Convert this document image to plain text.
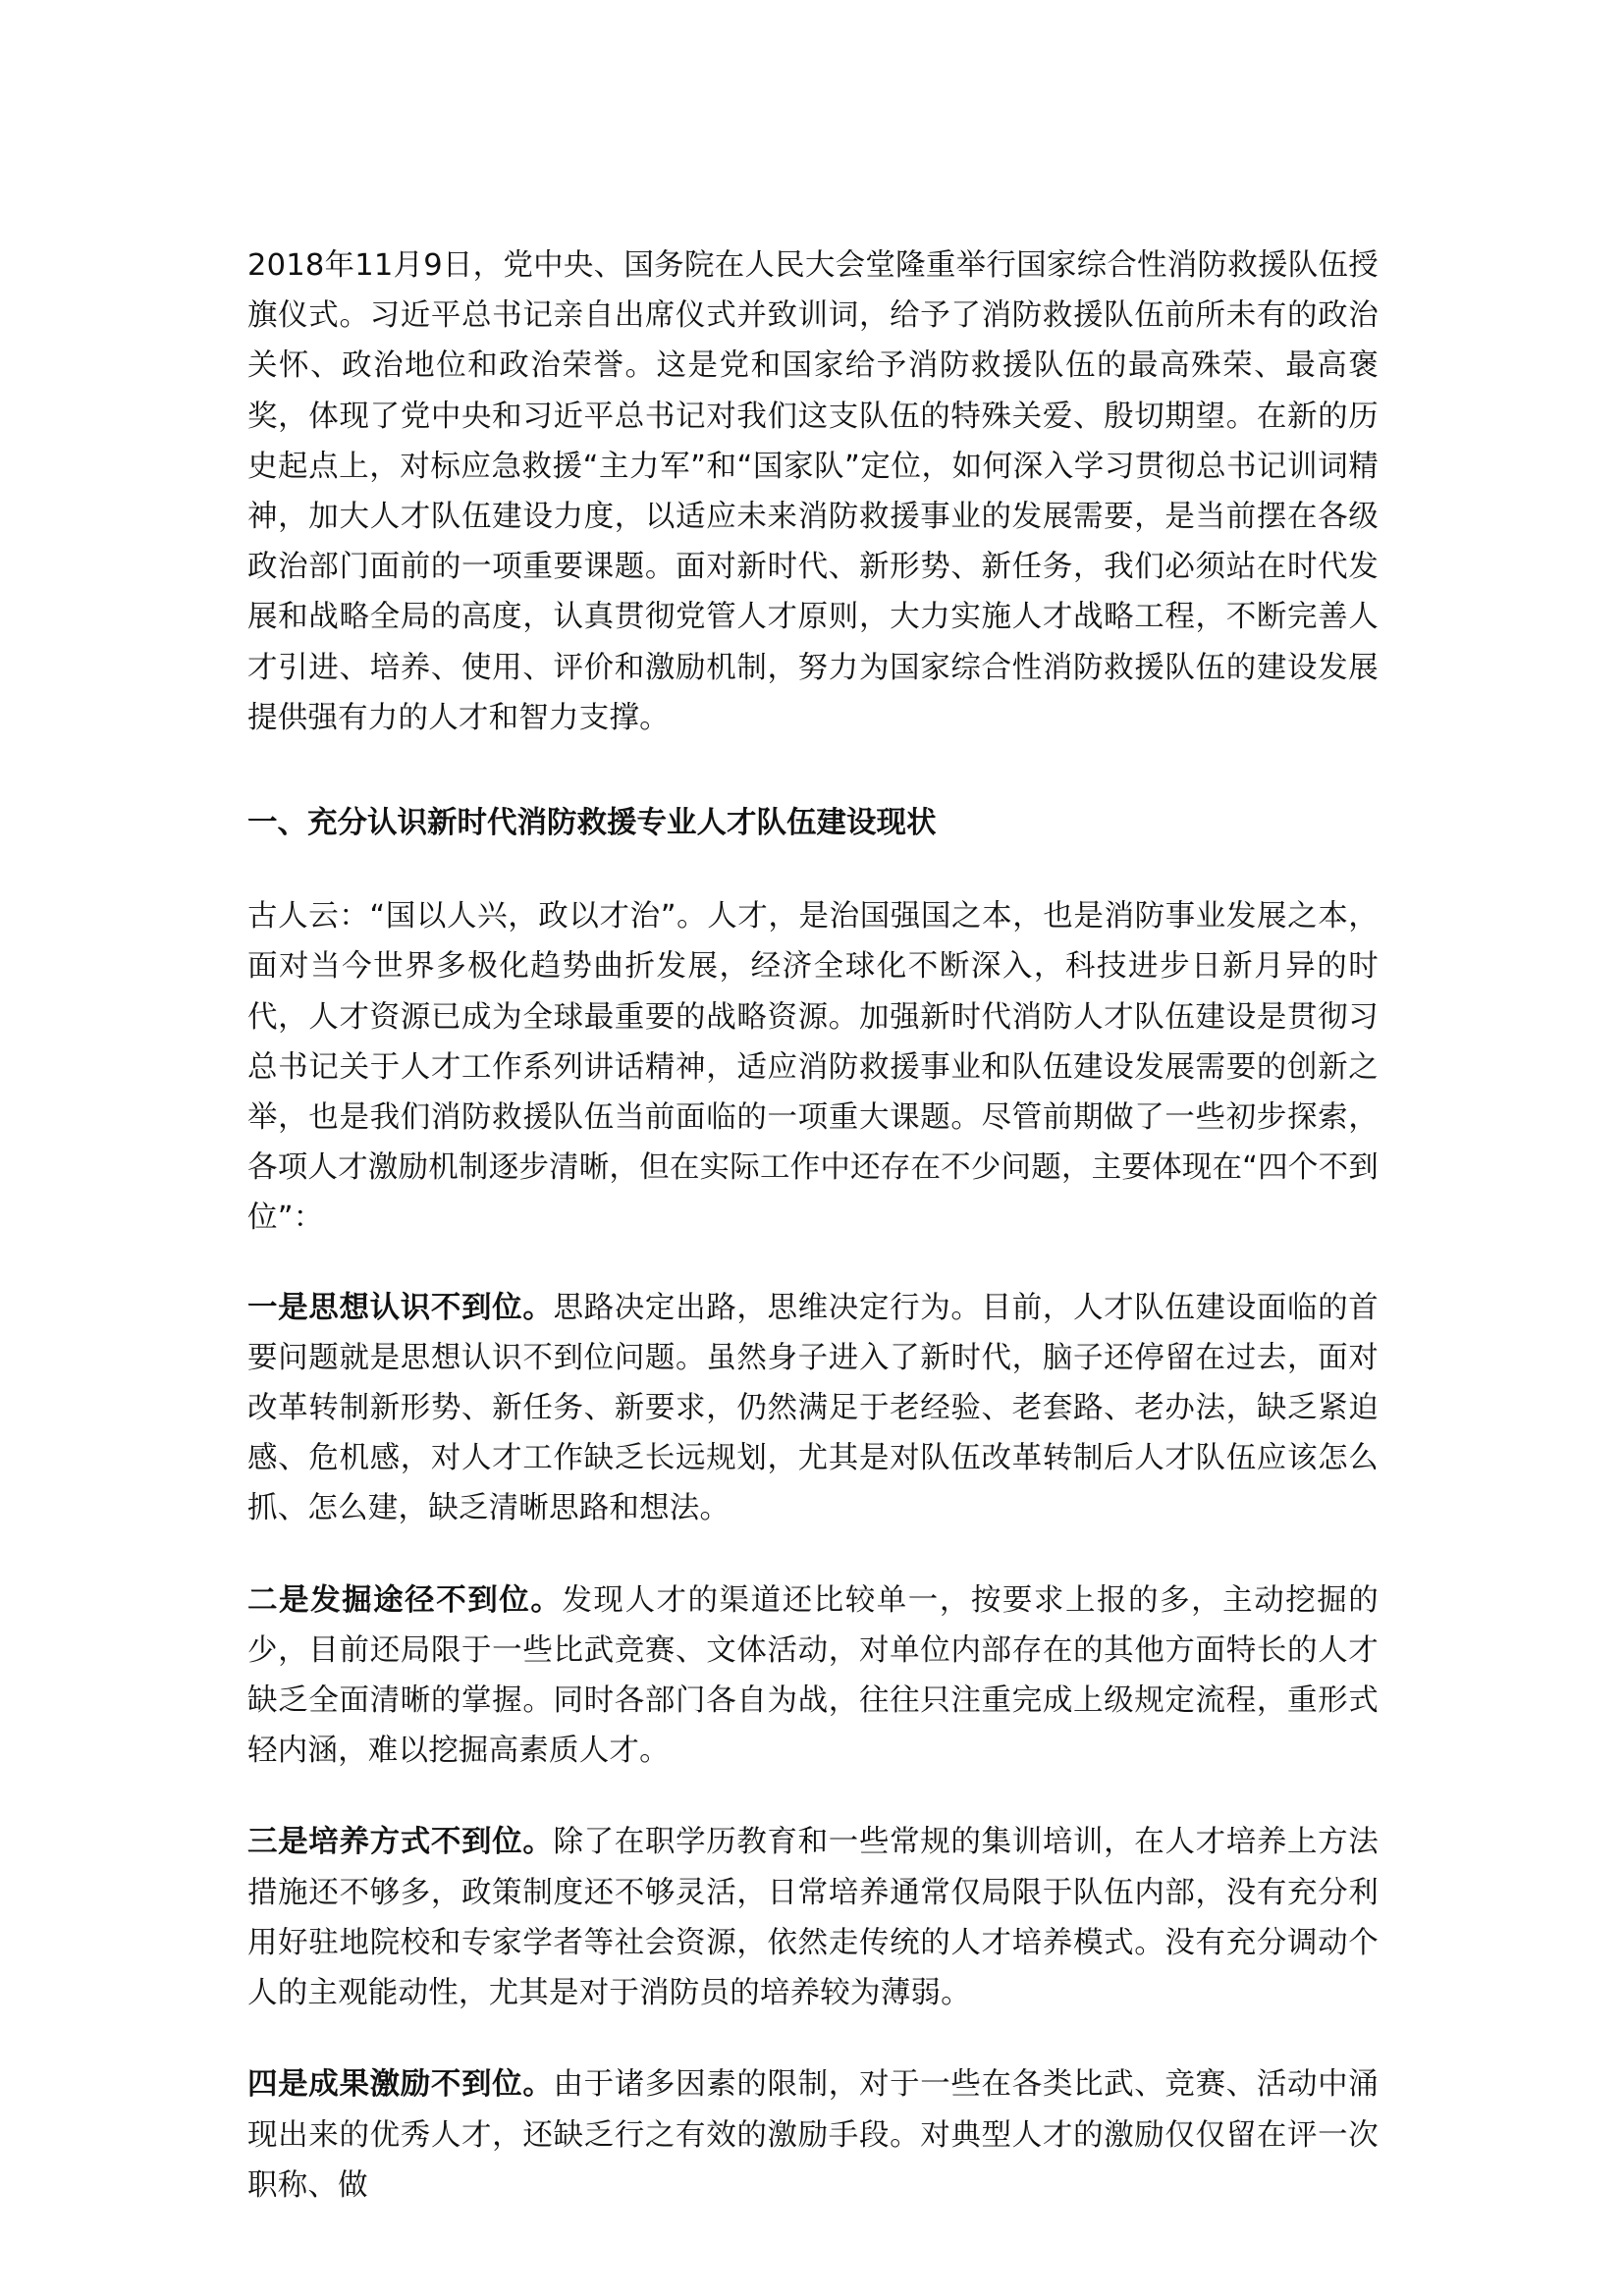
2018年11月9日，党中央、国务院在人民大会堂隆重举行国家综合性消防救援队伍授旗仪式。习近平总书记亲自出席仪式并致训词，给予了消防救援队伍前所未有的政治关怀、政治地位和政治荣誉。这是党和国家给予消防救援队伍的最高殊荣、最高褒奖，体现了党中央和习近平总书记对我们这支队伍的特殊关爱、殷切期望。在新的历史起点上，对标应急救援“主力军”和“国家队”定位，如何深入学习贯彻总书记训词精神，加大人才队伍建设力度，以适应未来消防救援事业的发展需要，是当前摆在各级政治部门面前的一项重要课题。面对新时代、新形势、新任务，我们必须站在时代发展和战略全局的高度，认真贯彻党管人才原则，大力实施人才战略工程，不断完善人才引进、培养、使用、评价和激励机制，努力为国家综合性消防救援队伍的建设发展提供强有力的人才和智力支撑。

一、充分认识新时代消防救援专业人才队伍建设现状

古人云：“国以人兴，政以才治”。人才，是治国强国之本，也是消防事业发展之本，面对当今世界多极化趋势曲折发展，经济全球化不断深入，科技进步日新月异的时代，人才资源已成为全球最重要的战略资源。加强新时代消防人才队伍建设是贯彻习总书记关于人才工作系列讲话精神，适应消防救援事业和队伍建设发展需要的创新之举，也是我们消防救援队伍当前面临的一项重大课题。尽管前期做了一些初步探索，各项人才激励机制逐步清晰，但在实际工作中还存在不少问题，主要体现在“四个不到位”：

一是思想认识不到位。思路决定出路，思维决定行为。目前，人才队伍建设面临的首要问题就是思想认识不到位问题。虽然身子进入了新时代，脑子还停留在过去，面对改革转制新形势、新任务、新要求，仍然满足于老经验、老套路、老办法，缺乏紧迫感、危机感，对人才工作缺乏长远规划，尤其是对队伍改革转制后人才队伍应该怎么抓、怎么建，缺乏清晰思路和想法。

二是发掘途径不到位。发现人才的渠道还比较单一，按要求上报的多，主动挖掘的少，目前还局限于一些比武竞赛、文体活动，对单位内部存在的其他方面特长的人才缺乏全面清晰的掌握。同时各部门各自为战，往往只注重完成上级规定流程，重形式轻内涵，难以挖掘高素质人才。

三是培养方式不到位。除了在职学历教育和一些常规的集训培训，在人才培养上方法措施还不够多，政策制度还不够灵活，日常培养通常仅局限于队伍内部，没有充分利用好驻地院校和专家学者等社会资源，依然走传统的人才培养模式。没有充分调动个人的主观能动性，尤其是对于消防员的培养较为薄弱。

四是成果激励不到位。由于诸多因素的限制，对于一些在各类比武、竞赛、活动中涌现出来的优秀人才，还缺乏行之有效的激励手段。对典型人才的激励仅仅留在评一次职称、做
